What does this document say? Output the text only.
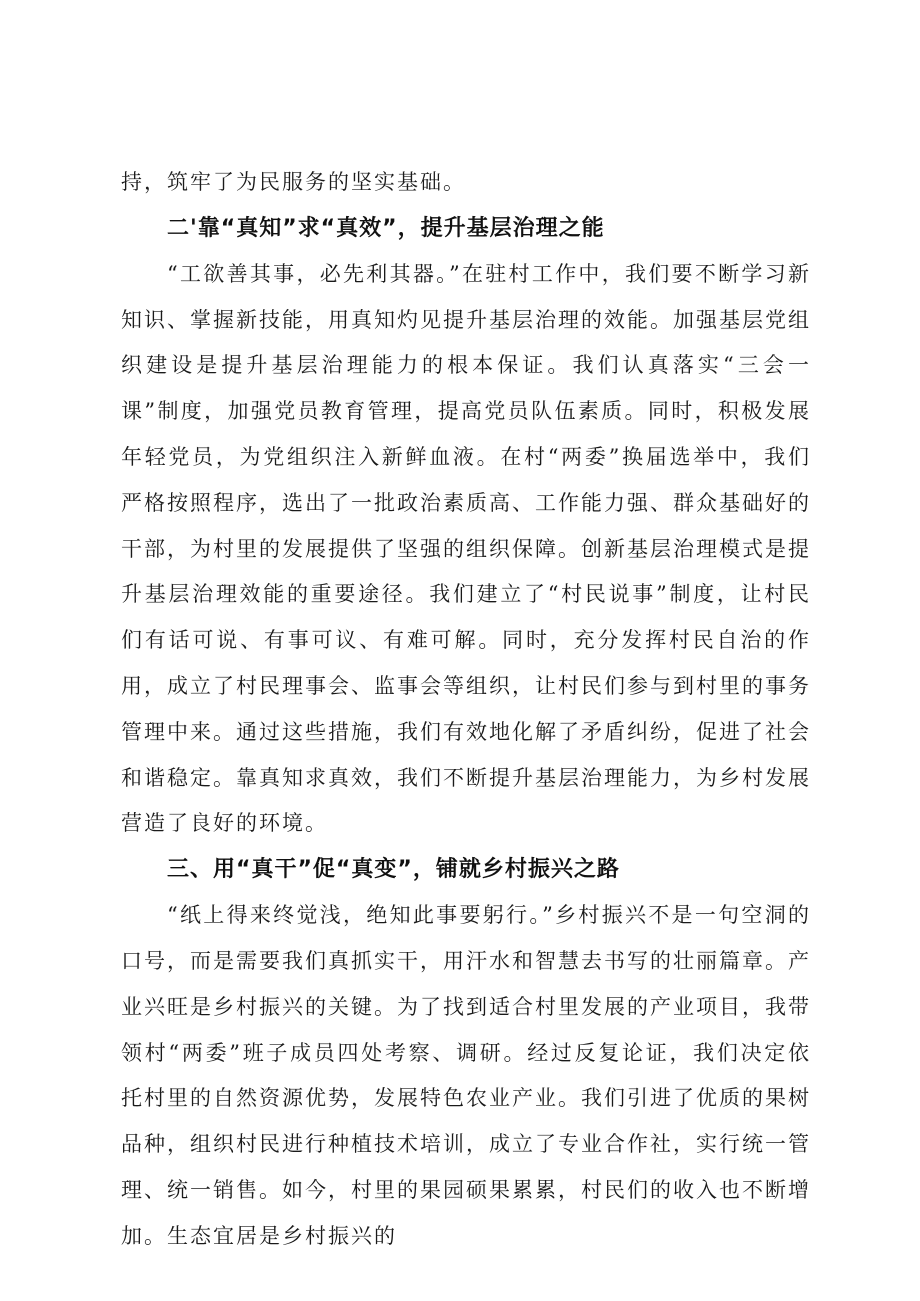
持，筑牢了为民服务的坚实基础。

二'靠“真知”求“真效”，提升基层治理之能

“工欲善其事，必先利其器。”在驻村工作中，我们要不断学习新知识、掌握新技能，用真知灼见提升基层治理的效能。加强基层党组织建设是提升基层治理能力的根本保证。我们认真落实“三会一课”制度，加强党员教育管理，提高党员队伍素质。同时，积极发展年轻党员，为党组织注入新鲜血液。在村“两委”换届选举中，我们严格按照程序，选出了一批政治素质高、工作能力强、群众基础好的干部，为村里的发展提供了坚强的组织保障。创新基层治理模式是提升基层治理效能的重要途径。我们建立了“村民说事”制度，让村民们有话可说、有事可议、有难可解。同时，充分发挥村民自治的作用，成立了村民理事会、监事会等组织，让村民们参与到村里的事务管理中来。通过这些措施，我们有效地化解了矛盾纠纷，促进了社会和谐稳定。靠真知求真效，我们不断提升基层治理能力，为乡村发展营造了良好的环境。

三、用“真干”促“真变”，铺就乡村振兴之路

“纸上得来终觉浅，绝知此事要躬行。”乡村振兴不是一句空洞的口号，而是需要我们真抓实干，用汗水和智慧去书写的壮丽篇章。产业兴旺是乡村振兴的关键。为了找到适合村里发展的产业项目，我带领村“两委”班子成员四处考察、调研。经过反复论证，我们决定依托村里的自然资源优势，发展特色农业产业。我们引进了优质的果树品种，组织村民进行种植技术培训，成立了专业合作社，实行统一管理、统一销售。如今，村里的果园硕果累累，村民们的收入也不断增加。生态宜居是乡村振兴的
